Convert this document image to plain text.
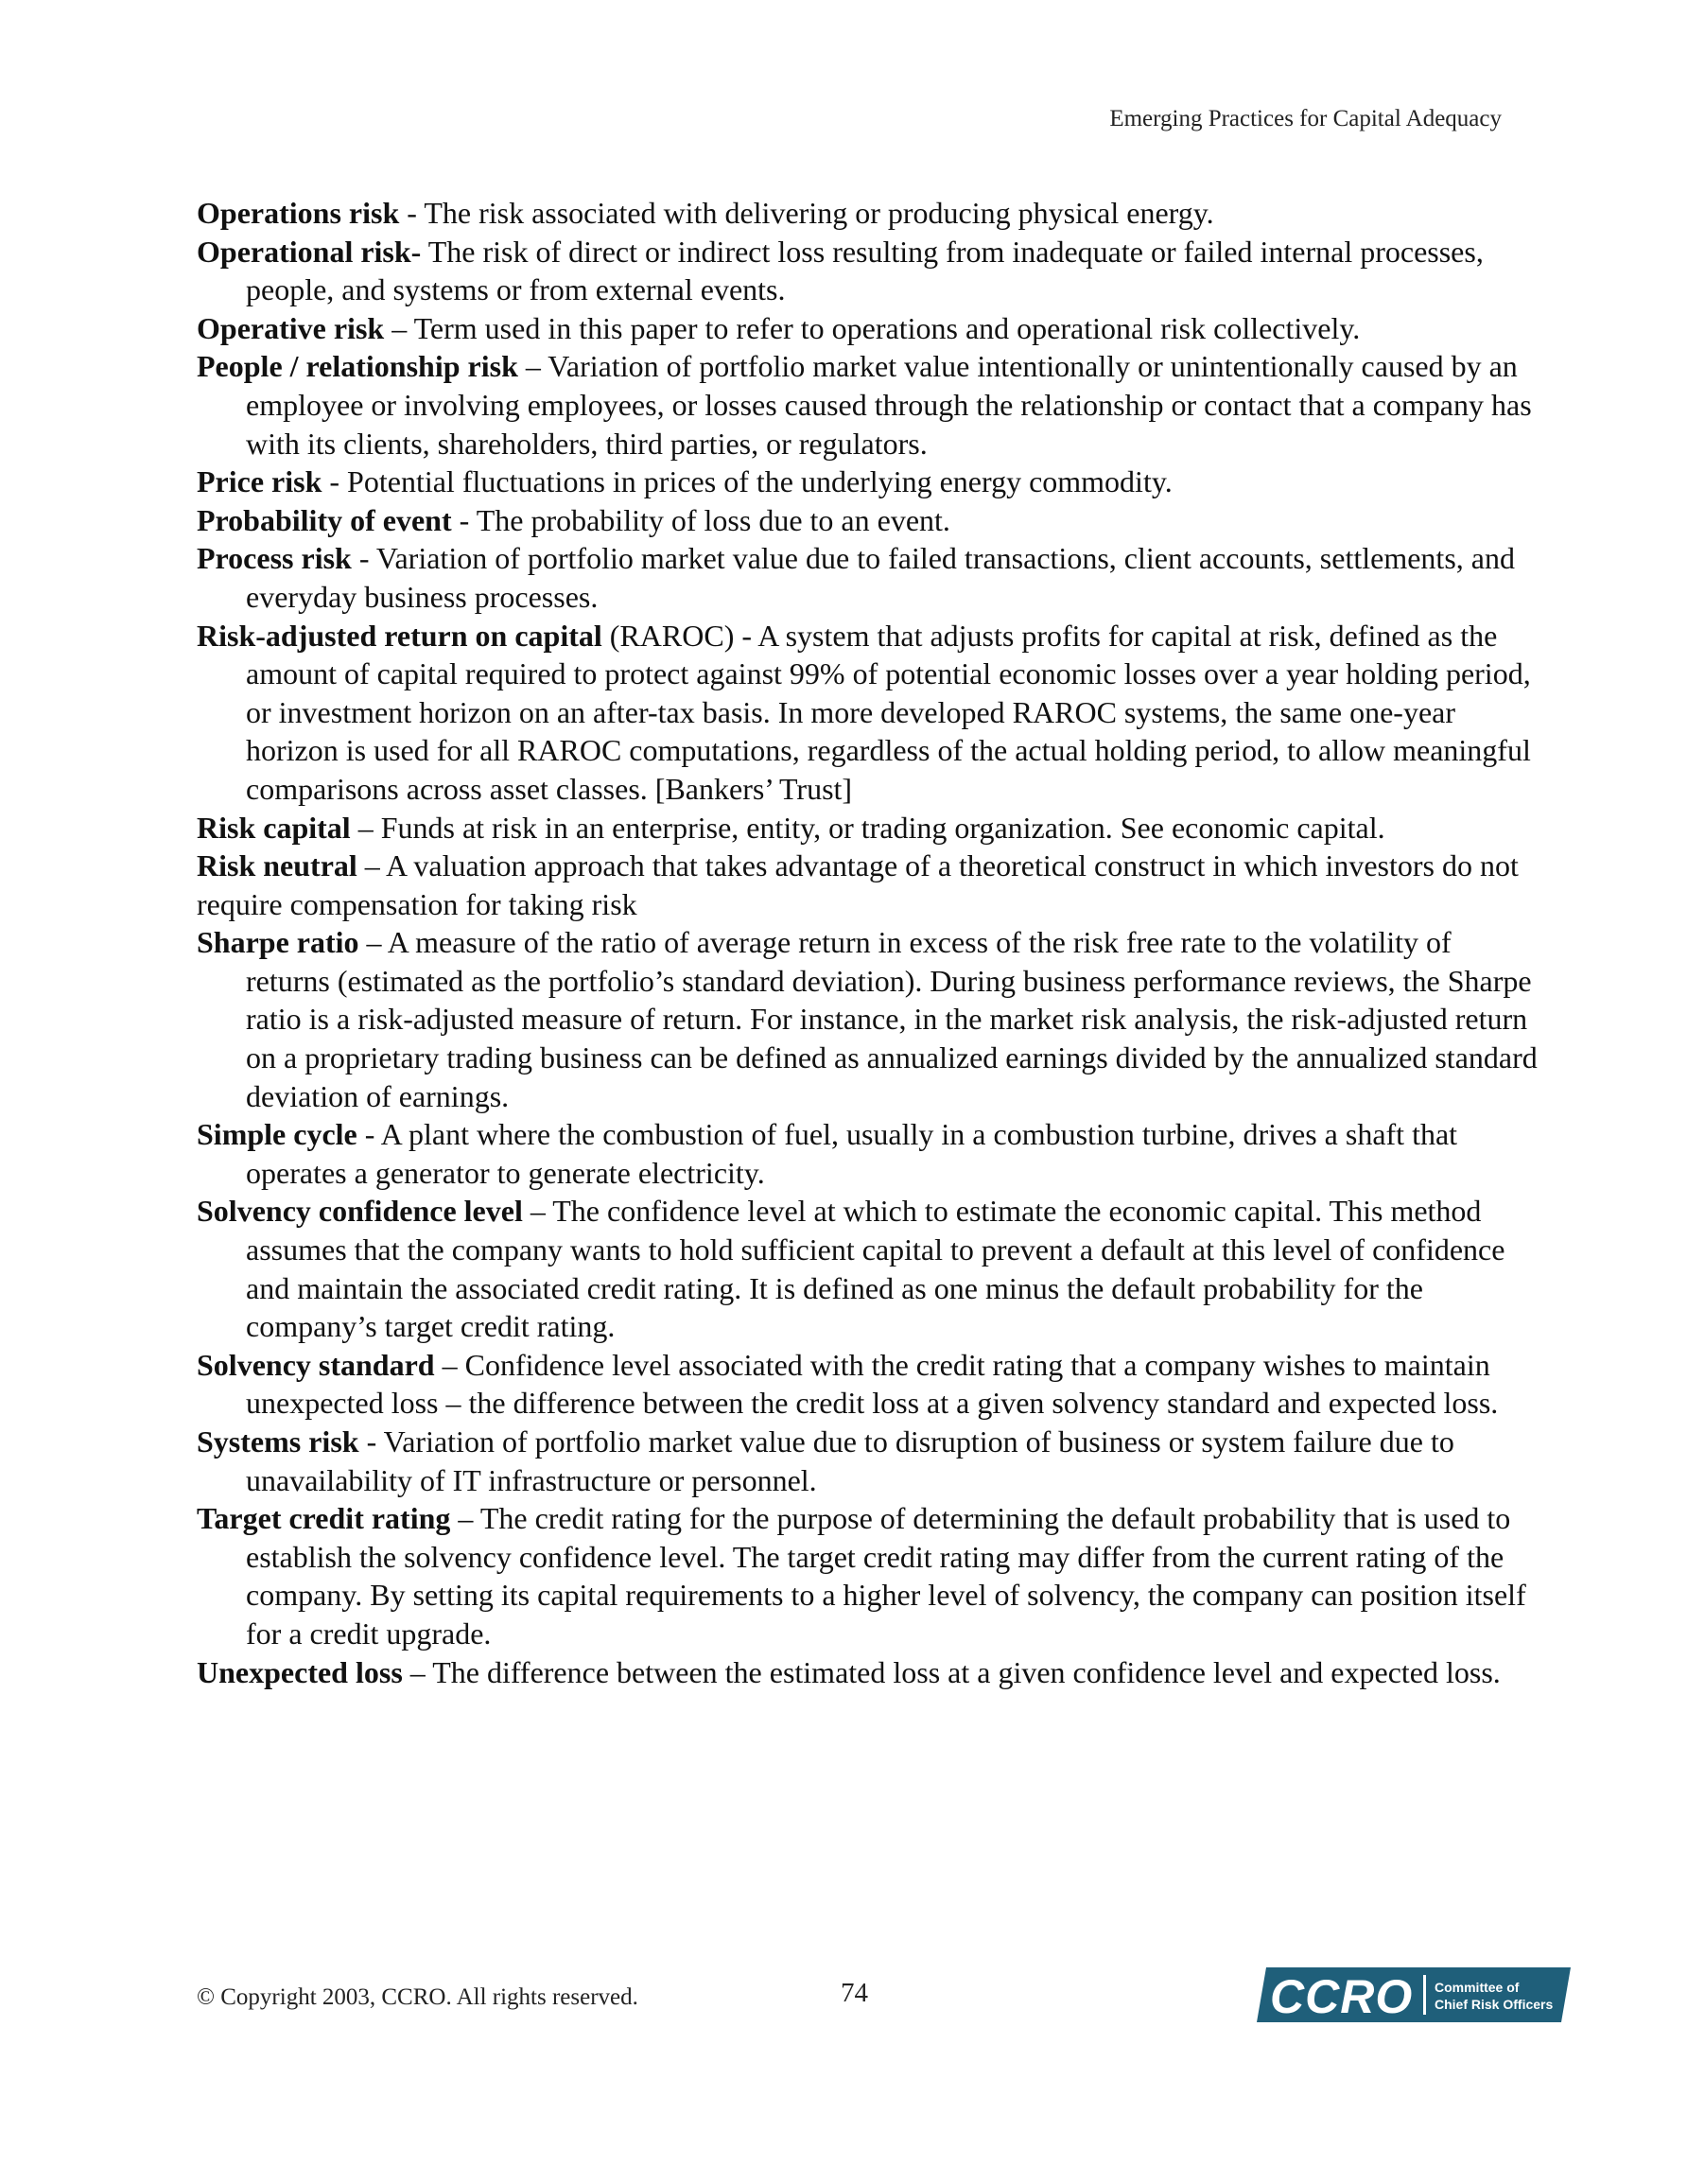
Emerging Practices for Capital Adequacy
Operations risk - The risk associated with delivering or producing physical energy.
Operational risk- The risk of direct or indirect loss resulting from inadequate or failed internal processes, people, and systems or from external events.
Operative risk – Term used in this paper to refer to operations and operational risk collectively.
People / relationship risk – Variation of portfolio market value intentionally or unintentionally caused by an employee or involving employees, or losses caused through the relationship or contact that a company has with its clients, shareholders, third parties, or regulators.
Price risk - Potential fluctuations in prices of the underlying energy commodity.
Probability of event - The probability of loss due to an event.
Process risk - Variation of portfolio market value due to failed transactions, client accounts, settlements, and everyday business processes.
Risk-adjusted return on capital (RAROC) - A system that adjusts profits for capital at risk, defined as the amount of capital required to protect against 99% of potential economic losses over a year holding period, or investment horizon on an after-tax basis. In more developed RAROC systems, the same one-year horizon is used for all RAROC computations, regardless of the actual holding period, to allow meaningful comparisons across asset classes. [Bankers’ Trust]
Risk capital – Funds at risk in an enterprise, entity, or trading organization. See economic capital.
Risk neutral – A valuation approach that takes advantage of a theoretical construct in which investors do not require compensation for taking risk
Sharpe ratio – A measure of the ratio of average return in excess of the risk free rate to the volatility of returns (estimated as the portfolio’s standard deviation). During business performance reviews, the Sharpe ratio is a risk-adjusted measure of return. For instance, in the market risk analysis, the risk-adjusted return on a proprietary trading business can be defined as annualized earnings divided by the annualized standard deviation of earnings.
Simple cycle - A plant where the combustion of fuel, usually in a combustion turbine, drives a shaft that operates a generator to generate electricity.
Solvency confidence level – The confidence level at which to estimate the economic capital. This method assumes that the company wants to hold sufficient capital to prevent a default at this level of confidence and maintain the associated credit rating. It is defined as one minus the default probability for the company’s target credit rating.
Solvency standard – Confidence level associated with the credit rating that a company wishes to maintain unexpected loss – the difference between the credit loss at a given solvency standard and expected loss.
Systems risk - Variation of portfolio market value due to disruption of business or system failure due to unavailability of IT infrastructure or personnel.
Target credit rating – The credit rating for the purpose of determining the default probability that is used to establish the solvency confidence level. The target credit rating may differ from the current rating of the company. By setting its capital requirements to a higher level of solvency, the company can position itself for a credit upgrade.
Unexpected loss – The difference between the estimated loss at a given confidence level and expected loss.
© Copyright 2003, CCRO. All rights reserved.	74	CCRO Committee of
Chief Risk Officers
